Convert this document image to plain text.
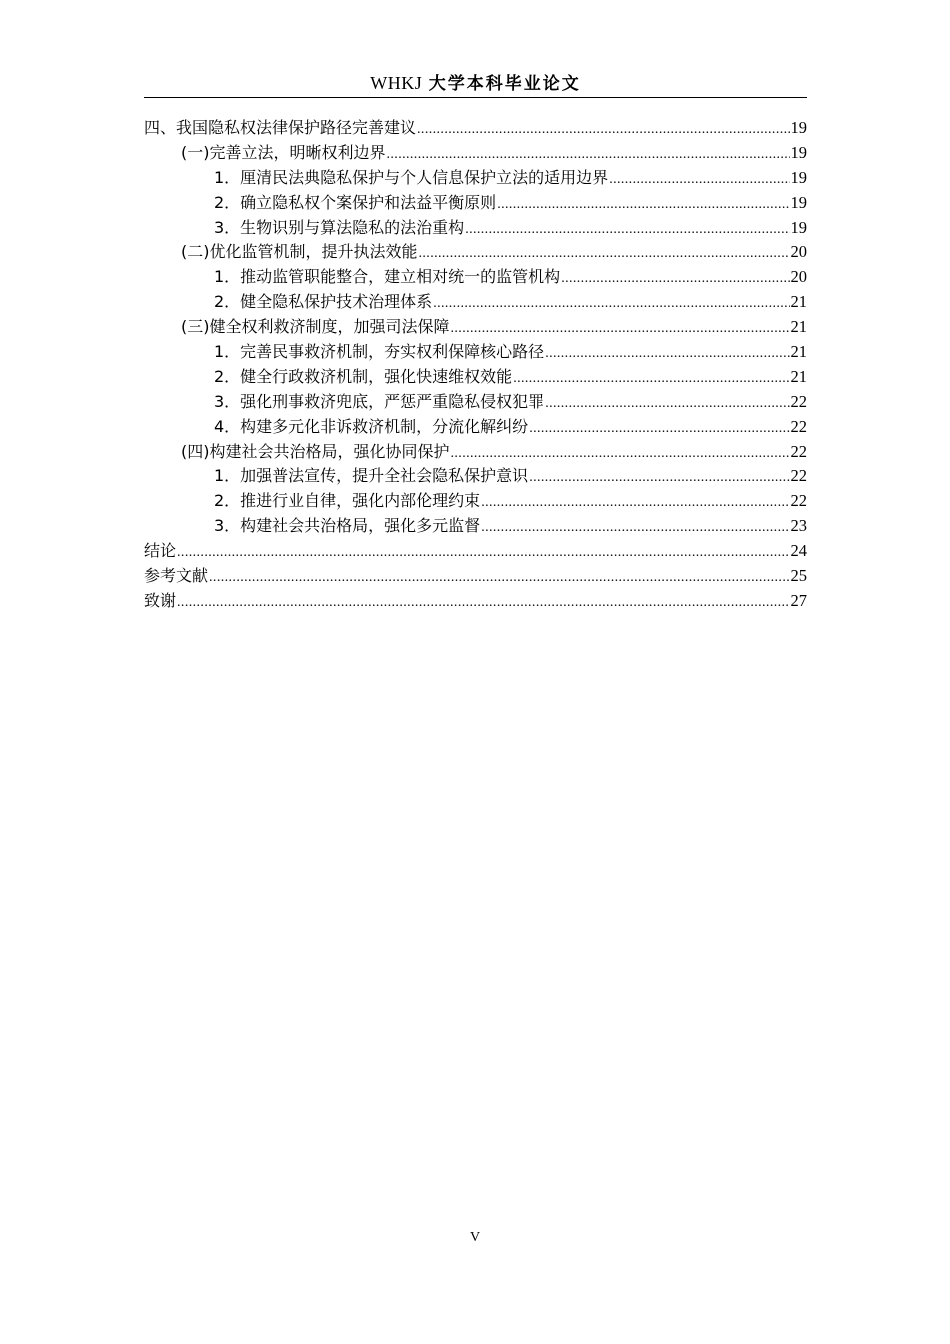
WHKJ 大学本科毕业论文
四、我国隐私权法律保护路径完善建议 .....	19
(一)完善立法，明晰权利边界 .....	19
1．厘清民法典隐私保护与个人信息保护立法的适用边界 .....	19
2．确立隐私权个案保护和法益平衡原则 .....	19
3．生物识别与算法隐私的法治重构 .....	19
(二)优化监管机制，提升执法效能 .....	20
1．推动监管职能整合，建立相对统一的监管机构 .....	20
2．健全隐私保护技术治理体系 .....	21
(三)健全权利救济制度，加强司法保障 .....	21
1．完善民事救济机制，夯实权利保障核心路径 .....	21
2．健全行政救济机制，强化快速维权效能 .....	21
3．强化刑事救济兜底，严惩严重隐私侵权犯罪 .....	22
4．构建多元化非诉救济机制，分流化解纠纷 .....	22
(四)构建社会共治格局，强化协同保护 .....	22
1．加强普法宣传，提升全社会隐私保护意识 .....	22
2．推进行业自律，强化内部伦理约束 .....	22
3．构建社会共治格局，强化多元监督 .....	23
结论 .....	24
参考文献 .....	25
致谢 .....	27
V
